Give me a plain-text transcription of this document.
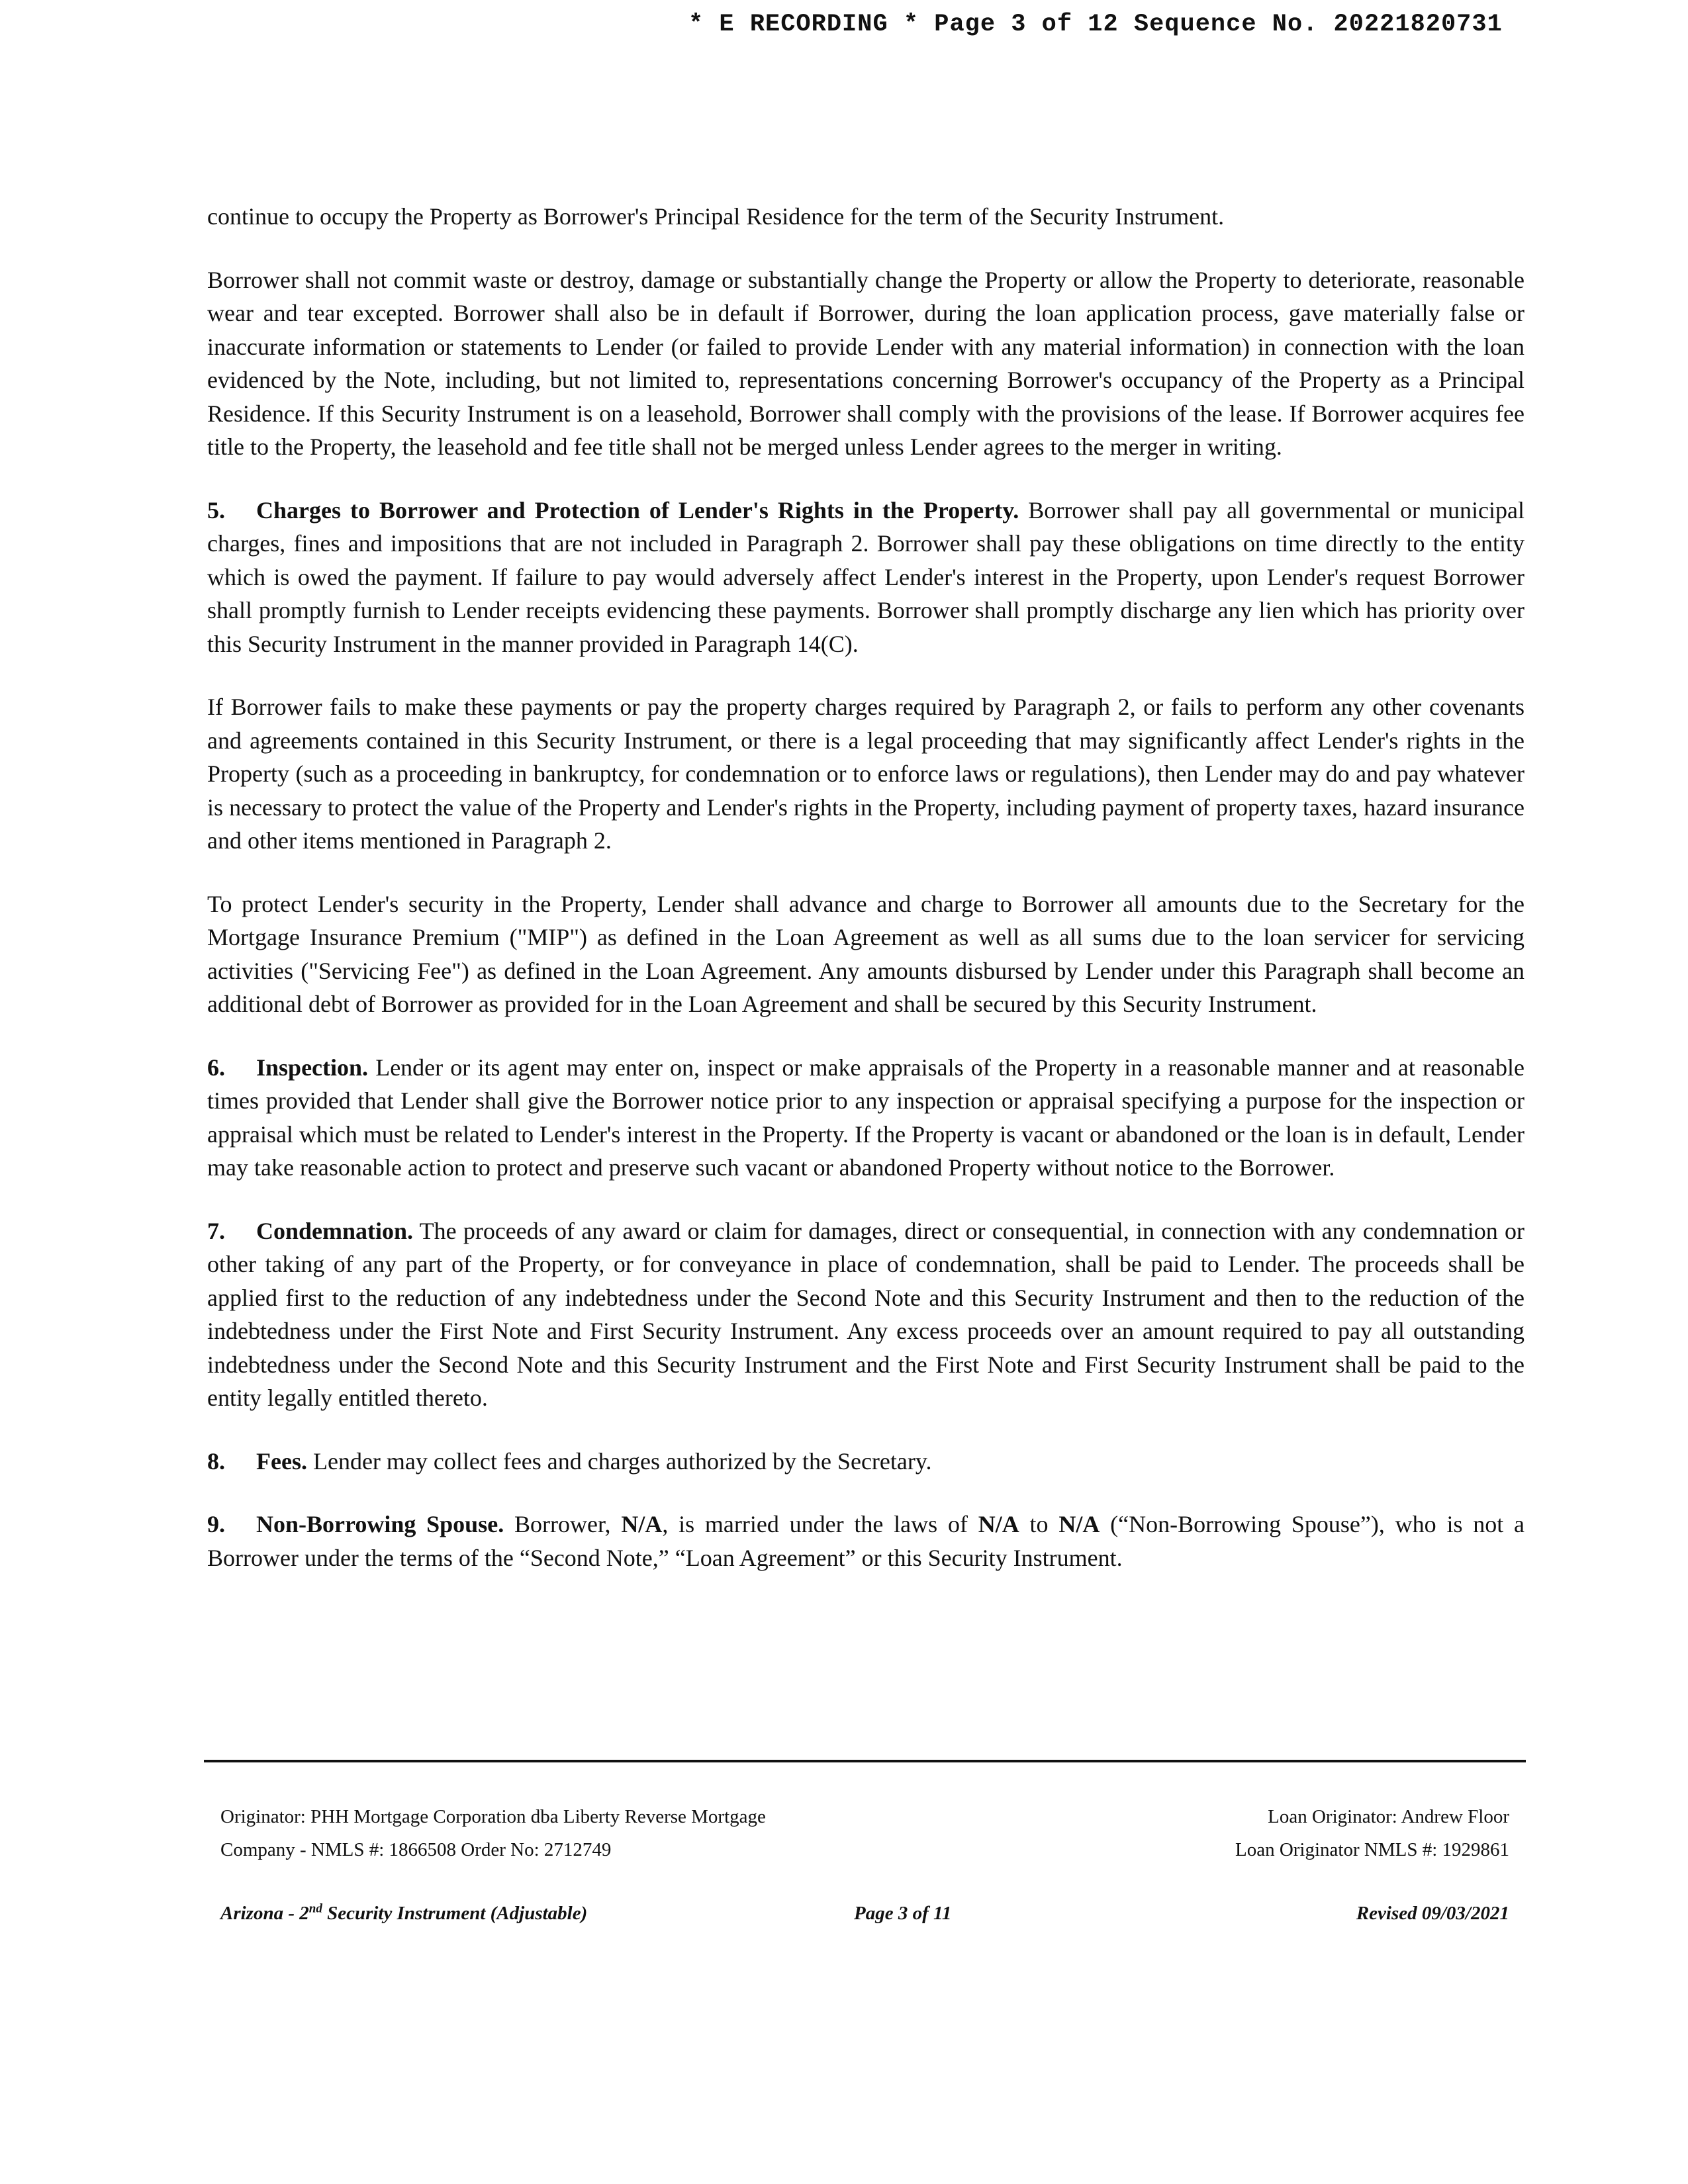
* E RECORDING * Page 3 of 12 Sequence No. 20221820731

continue to occupy the Property as Borrower's Principal Residence for the term of the Security Instrument.

Borrower shall not commit waste or destroy, damage or substantially change the Property or allow the Property to deteriorate, reasonable wear and tear excepted. Borrower shall also be in default if Borrower, during the loan application process, gave materially false or inaccurate information or statements to Lender (or failed to provide Lender with any material information) in connection with the loan evidenced by the Note, including, but not limited to, representations concerning Borrower's occupancy of the Property as a Principal Residence. If this Security Instrument is on a leasehold, Borrower shall comply with the provisions of the lease. If Borrower acquires fee title to the Property, the leasehold and fee title shall not be merged unless Lender agrees to the merger in writing.

5. Charges to Borrower and Protection of Lender's Rights in the Property. Borrower shall pay all governmental or municipal charges, fines and impositions that are not included in Paragraph 2. Borrower shall pay these obligations on time directly to the entity which is owed the payment. If failure to pay would adversely affect Lender's interest in the Property, upon Lender's request Borrower shall promptly furnish to Lender receipts evidencing these payments. Borrower shall promptly discharge any lien which has priority over this Security Instrument in the manner provided in Paragraph 14(C).

If Borrower fails to make these payments or pay the property charges required by Paragraph 2, or fails to perform any other covenants and agreements contained in this Security Instrument, or there is a legal proceeding that may significantly affect Lender's rights in the Property (such as a proceeding in bankruptcy, for condemnation or to enforce laws or regulations), then Lender may do and pay whatever is necessary to protect the value of the Property and Lender's rights in the Property, including payment of property taxes, hazard insurance and other items mentioned in Paragraph 2.

To protect Lender's security in the Property, Lender shall advance and charge to Borrower all amounts due to the Secretary for the Mortgage Insurance Premium ("MIP") as defined in the Loan Agreement as well as all sums due to the loan servicer for servicing activities ("Servicing Fee") as defined in the Loan Agreement. Any amounts disbursed by Lender under this Paragraph shall become an additional debt of Borrower as provided for in the Loan Agreement and shall be secured by this Security Instrument.

6. Inspection. Lender or its agent may enter on, inspect or make appraisals of the Property in a reasonable manner and at reasonable times provided that Lender shall give the Borrower notice prior to any inspection or appraisal specifying a purpose for the inspection or appraisal which must be related to Lender's interest in the Property. If the Property is vacant or abandoned or the loan is in default, Lender may take reasonable action to protect and preserve such vacant or abandoned Property without notice to the Borrower.

7. Condemnation. The proceeds of any award or claim for damages, direct or consequential, in connection with any condemnation or other taking of any part of the Property, or for conveyance in place of condemnation, shall be paid to Lender. The proceeds shall be applied first to the reduction of any indebtedness under the Second Note and this Security Instrument and then to the reduction of the indebtedness under the First Note and First Security Instrument. Any excess proceeds over an amount required to pay all outstanding indebtedness under the Second Note and this Security Instrument and the First Note and First Security Instrument shall be paid to the entity legally entitled thereto.

8. Fees. Lender may collect fees and charges authorized by the Secretary.

9. Non-Borrowing Spouse. Borrower, N/A, is married under the laws of N/A to N/A (“Non-Borrowing Spouse”), who is not a Borrower under the terms of the “Second Note,” “Loan Agreement” or this Security Instrument.

Originator: PHH Mortgage Corporation dba Liberty Reverse Mortgage
Company - NMLS #: 1866508 Order No: 2712749
Loan Originator: Andrew Floor
Loan Originator NMLS #: 1929861
Arizona - 2nd Security Instrument (Adjustable)	Page 3 of 11	Revised 09/03/2021
